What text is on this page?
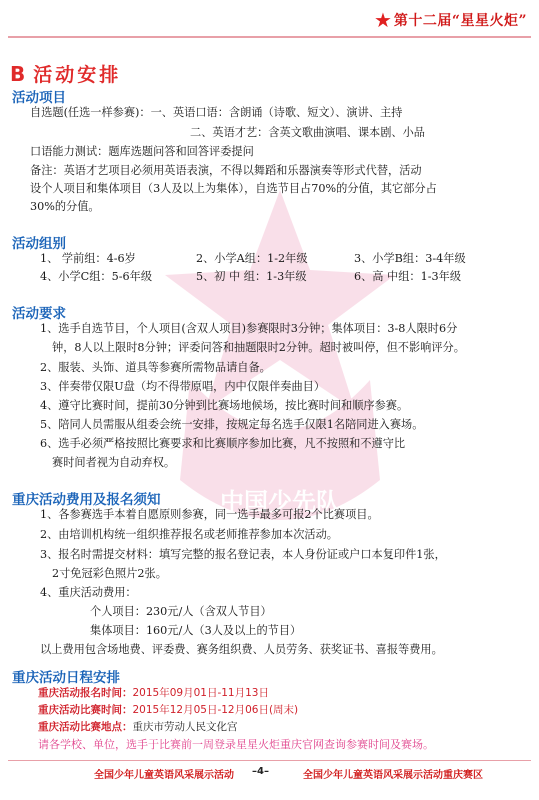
中国少先队
★ 第十二届“星星火炬”
B 活动安排
活动项目
自选题(任选一样参赛)：一、英语口语：含朗诵（诗歌、短文）、演讲、主持
二、英语才艺：含英文歌曲演唱、课本剧、小品
口语能力测试：题库选题问答和回答评委提问
备注：英语才艺项目必须用英语表演，不得以舞蹈和乐器演奏等形式代替，活动
设个人项目和集体项目（3人及以上为集体），自选节目占70%的分值，其它部分占
30%的分值。
活动组别
1、 学前组：4-6岁	2、小学A组：1-2年级	3、小学B组：3-4年级
4、小学C组：5-6年级	5、初 中 组：1-3年级	6、高 中组：1-3年级
活动要求
1、选手自选节目，个人项目(含双人项目)参赛限时3分钟；集体项目：3-8人限时6分
钟，8人以上限时8分钟；评委问答和抽题限时2分钟。超时被叫停，但不影响评分。
2、服装、头饰、道具等参赛所需物品请自备。
3、伴奏带仅限U盘（均不得带原唱，内中仅限伴奏曲目）
4、遵守比赛时间，提前30分钟到比赛场地候场，按比赛时间和顺序参赛。
5、陪同人员需服从组委会统一安排，按规定每名选手仅限1名陪同进入赛场。
6、选手必须严格按照比赛要求和比赛顺序参加比赛，凡不按照和不遵守比
赛时间者视为自动弃权。
重庆活动费用及报名须知
1、各参赛选手本着自愿原则参赛，同一选手最多可报2个比赛项目。
2、由培训机构统一组织推荐报名或老师推荐参加本次活动。
3、报名时需提交材料：填写完整的报名登记表，本人身份证或户口本复印件1张，
2寸免冠彩色照片2张。
4、重庆活动费用：
个人项目：230元/人（含双人节目）
集体项目：160元/人（3人及以上的节目）
以上费用包含场地费、评委费、赛务组织费、人员劳务、获奖证书、喜报等费用。
重庆活动日程安排
重庆活动报名时间：2015年09月01日-11月13日
重庆活动比赛时间：2015年12月05日-12月06日(周末)
重庆活动比赛地点：重庆市劳动人民文化宫
请各学校、单位，选手于比赛前一周登录星星火炬重庆官网查询参赛时间及赛场。
全国少年儿童英语风采展示活动 –4–	全国少年儿童英语风采展示活动重庆赛区
